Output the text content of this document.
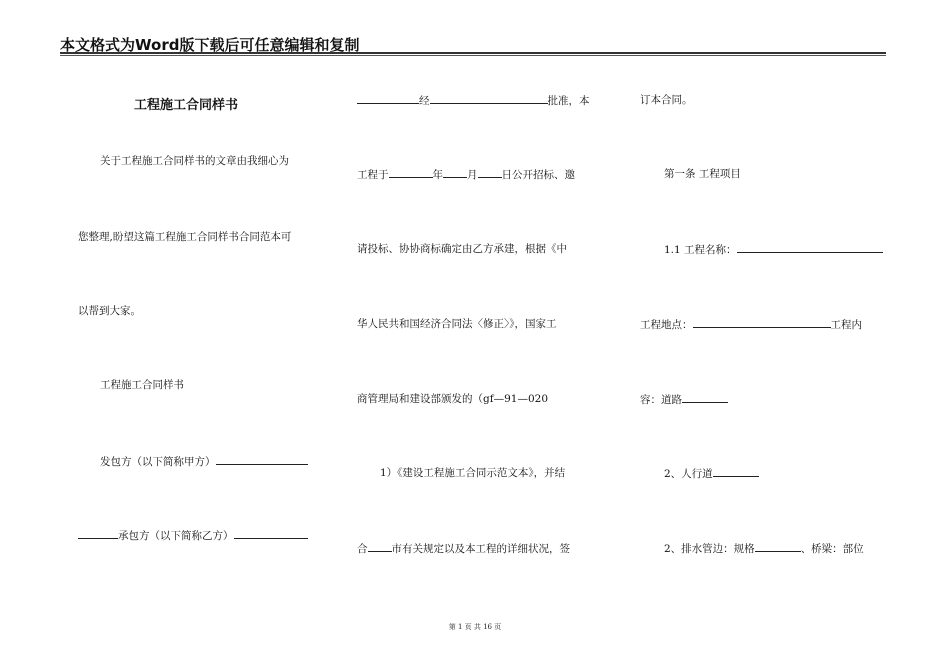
本文格式为Word版下载后可任意编辑和复制
工程施工合同样书
关于工程施工合同样书的文章由我细心为
您整理,盼望这篇工程施工合同样书合同范本可
以帮到大家。
工程施工合同样书
发包方（以下简称甲方）
承包方（以下简称乙方）
经	批准，本
工程于	年 月 日公开招标、邀
请投标、协协商标确定由乙方承建，根据《中
华人民共和国经济合同法〈修正〉》，国家工
商管理局和建设部颁发的（gf—91—020
1）《建设工程施工合同示范文本》，并结
合 市有关规定以及本工程的详细状况，签
订本合同。
第一条 工程项目
1.1 工程名称：
工程地点：	工程内
容：道路
2、人行道
2、排水管边：规格	、桥梁：部位
第 1 页 共 16 页
